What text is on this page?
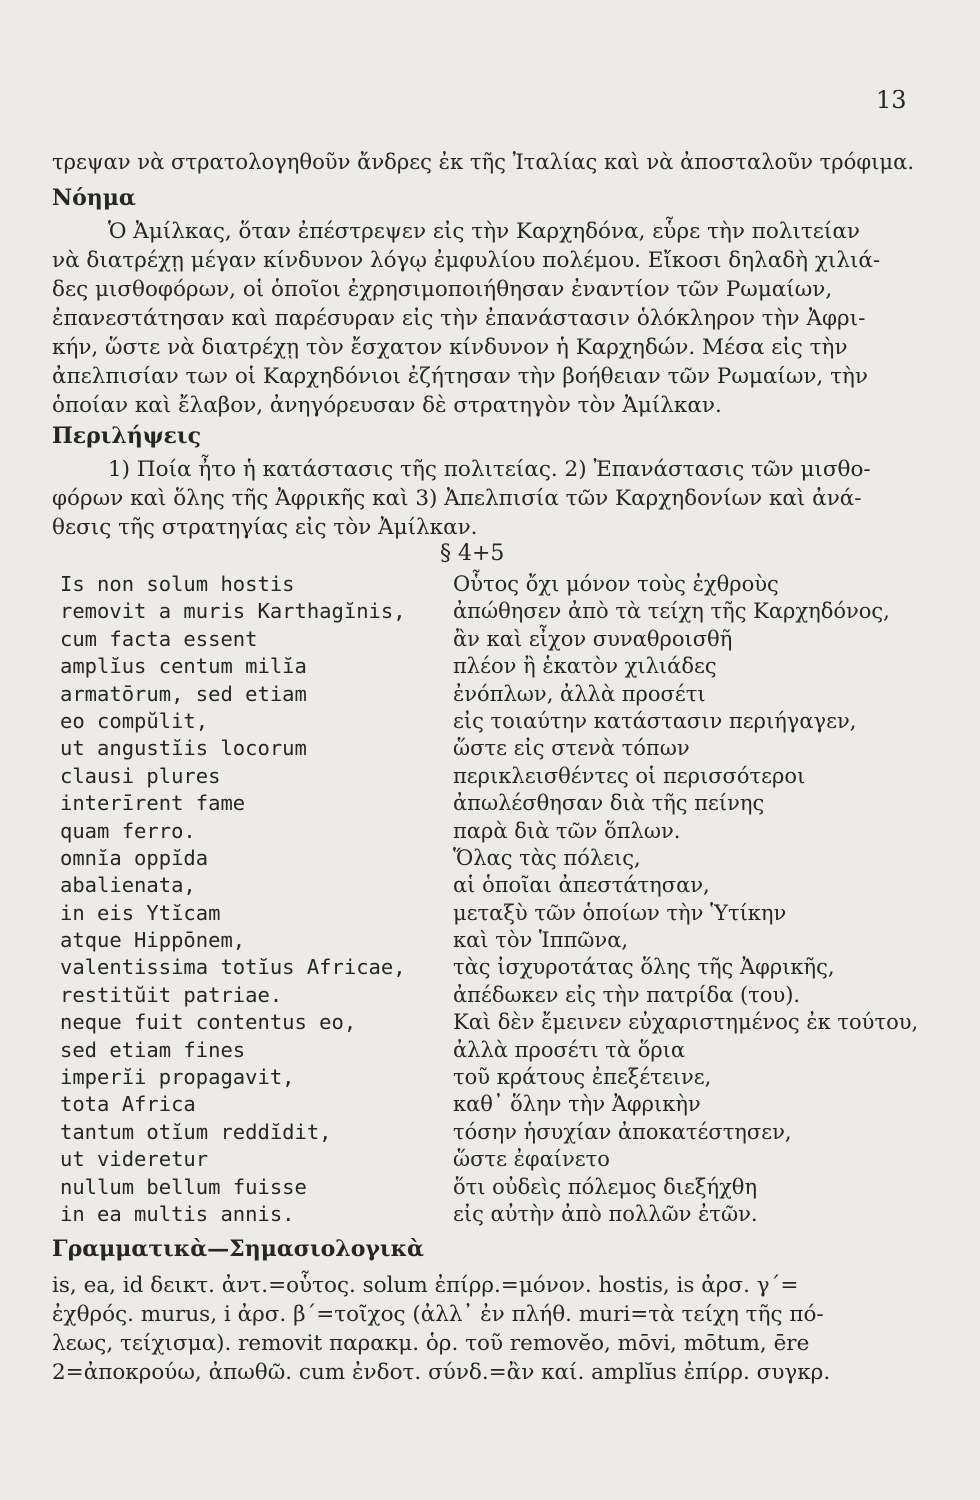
13
τρεψαν νὰ στρατολογηθοῦν ἄνδρες ἐκ τῆς Ἰταλίας καὶ νὰ ἀποσταλοῦν τρόφιμα.
Νόημα
Ὁ Ἀμίλκας, ὅταν ἐπέστρεψεν εἰς τὴν Καρχηδόνα, εὗρε τὴν πολιτείαν
νὰ διατρέχῃ μέγαν κίνδυνον λόγῳ ἐμφυλίου πολέμου. Εἴκοσι δηλαδὴ χιλιά-
δες μισθοφόρων, οἱ ὁποῖοι ἐχρησιμοποιήθησαν ἐναντίον τῶν Ρωμαίων,
ἐπανεστάτησαν καὶ παρέσυραν εἰς τὴν ἐπανάστασιν ὁλόκληρον τὴν Ἀφρι-
κήν, ὥστε νὰ διατρέχῃ τὸν ἔσχατον κίνδυνον ἡ Καρχηδών. Μέσα εἰς τὴν
ἀπελπισίαν των οἱ Καρχηδόνιοι ἐζήτησαν τὴν βοήθειαν τῶν Ρωμαίων, τὴν
ὁποίαν καὶ ἔλαβον, ἀνηγόρευσαν δὲ στρατηγὸν τὸν Ἀμίλκαν.
Περιλήψεις
1) Ποία ἦτο ἡ κατάστασις τῆς πολιτείας. 2) Ἐπανάστασις τῶν μισθο-
φόρων καὶ ὅλης τῆς Ἀφρικῆς καὶ 3) Ἀπελπισία τῶν Καρχηδονίων καὶ ἀνά-
θεσις τῆς στρατηγίας εἰς τὸν Ἀμίλκαν.
§ 4+5
Is non solum hostis
removit a muris Karthagĭnis,
cum facta essent
amplĭus centum milĭa
armatōrum, sed etiam
eo compŭlit,
ut angustĭis locorum
clausi plures
interīrent fame
quam ferro.
omnĭa oppĭda
abalienata,
in eis Ytĭcam
atque Hippōnem,
valentissima totĭus Africae,
restitŭit patriae.
neque fuit contentus eo,
sed etiam fines
imperĭi propagavit,
tota Africa
tantum otĭum reddĭdit,
ut videretur
nullum bellum fuisse
in ea multis annis.
Οὗτος ὄχι μόνον τοὺς ἐχθροὺς
ἀπώθησεν ἀπὸ τὰ τείχη τῆς Καρχηδόνος,
ἂν καὶ εἶχον συναθροισθῆ
πλέον ἢ ἑκατὸν χιλιάδες
ἐνόπλων, ἀλλὰ προσέτι
εἰς τοιαύτην κατάστασιν περιήγαγεν,
ὥστε εἰς στενὰ τόπων
περικλεισθέντες οἱ περισσότεροι
ἀπωλέσθησαν διὰ τῆς πείνης
παρὰ διὰ τῶν ὅπλων.
Ὅλας τὰς πόλεις,
αἱ ὁποῖαι ἀπεστάτησαν,
μεταξὺ τῶν ὁποίων τὴν Ὑτίκην
καὶ τὸν Ἱππῶνα,
τὰς ἰσχυροτάτας ὅλης τῆς Ἀφρικῆς,
ἀπέδωκεν εἰς τὴν πατρίδα (του).
Καὶ δὲν ἔμεινεν εὐχαριστημένος ἐκ τούτου,
ἀλλὰ προσέτι τὰ ὅρια
τοῦ κράτους ἐπεξέτεινε,
καθ᾽ ὅλην τὴν Ἀφρικὴν
τόσην ἡσυχίαν ἀποκατέστησεν,
ὥστε ἐφαίνετο
ὅτι οὐδεὶς πόλεμος διεξήχθη
εἰς αὐτὴν ἀπὸ πολλῶν ἐτῶν.
Γραμματικὰ—Σημασιολογικὰ
is, ea, id δεικτ. ἀντ.=οὗτος. solum ἐπίρρ.=μόνον. hostis, is ἀρσ. γ΄=
ἐχθρός. murus, i ἀρσ. β΄=τοῖχος (ἀλλ᾽ ἐν πλήθ. muri=τὰ τείχη τῆς πό-
λεως, τείχισμα). removit παρακμ. ὁρ. τοῦ removĕo, mōvi, mōtum, ēre
2=ἀποκρούω, ἀπωθῶ. cum ἐνδοτ. σύνδ.=ἂν καί. amplĭus ἐπίρρ. συγκρ.
